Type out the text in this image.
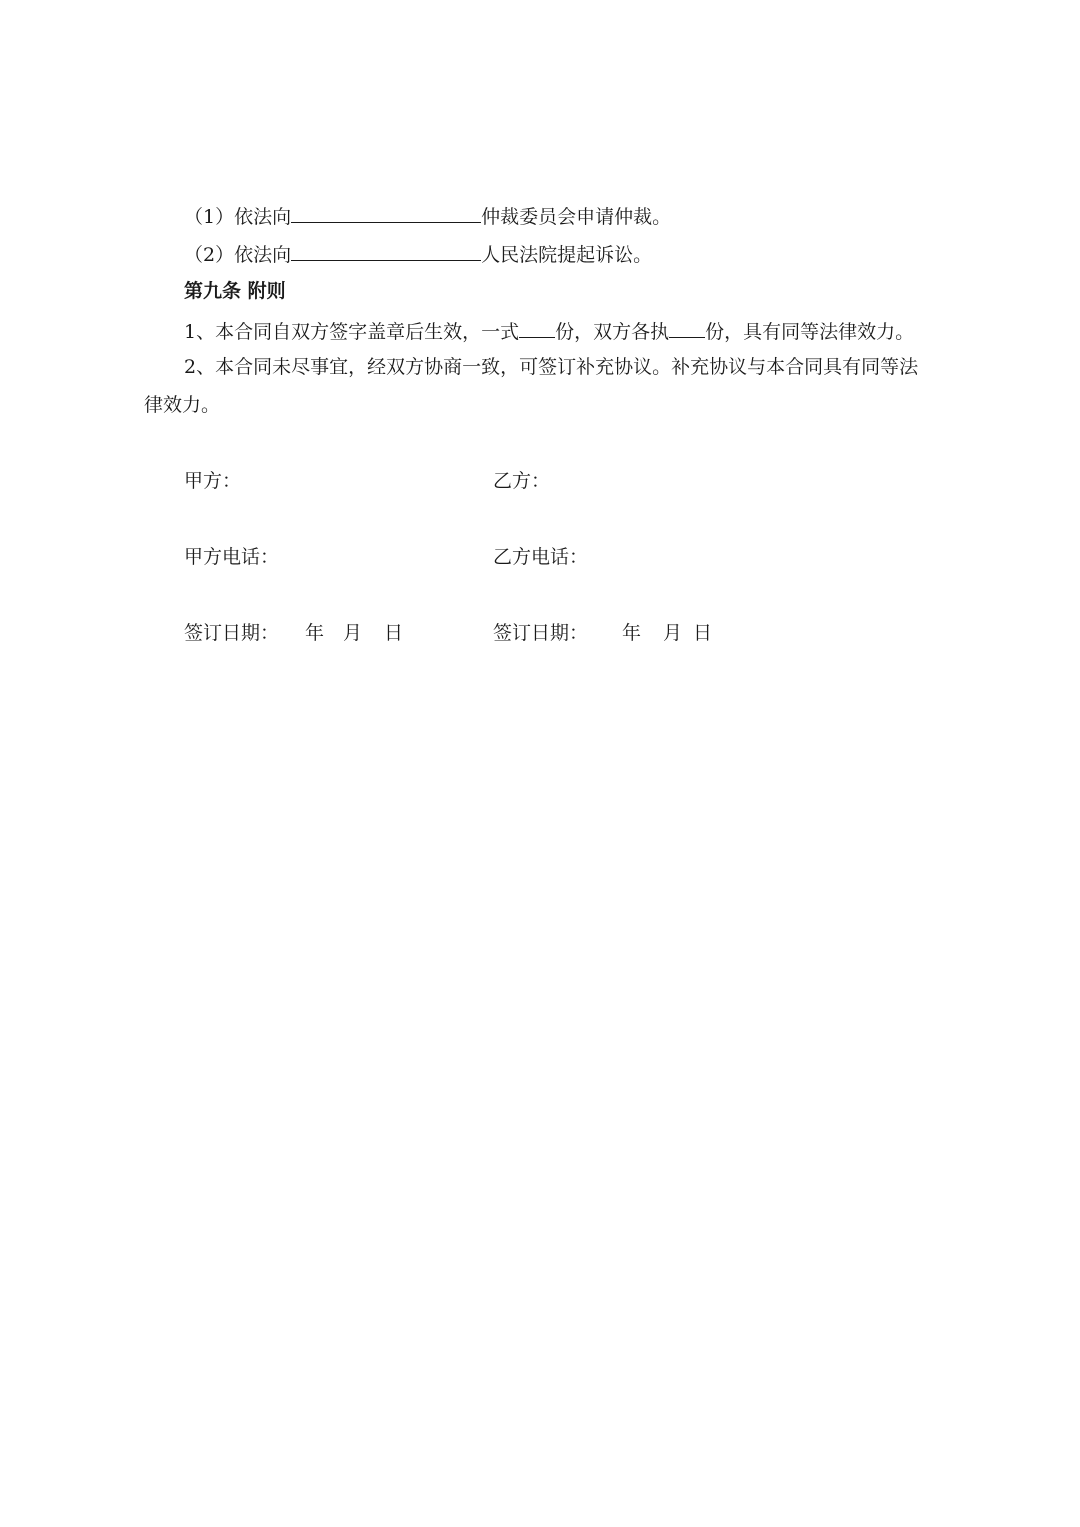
（1）依法向	仲裁委员会申请仲裁。
（2）依法向	人民法院提起诉讼。
第九条 附则
1、本合同自双方签字盖章后生效，一式 份，双方各执 份，具有同等法律效力。
2、本合同未尽事宜，经双方协商一致，可签订补充协议。补充协议与本合同具有同等法
律效力。
甲方：	乙方：
甲方电话：	乙方电话：
签订日期： 年 月 日	签订日期： 年 月 日
